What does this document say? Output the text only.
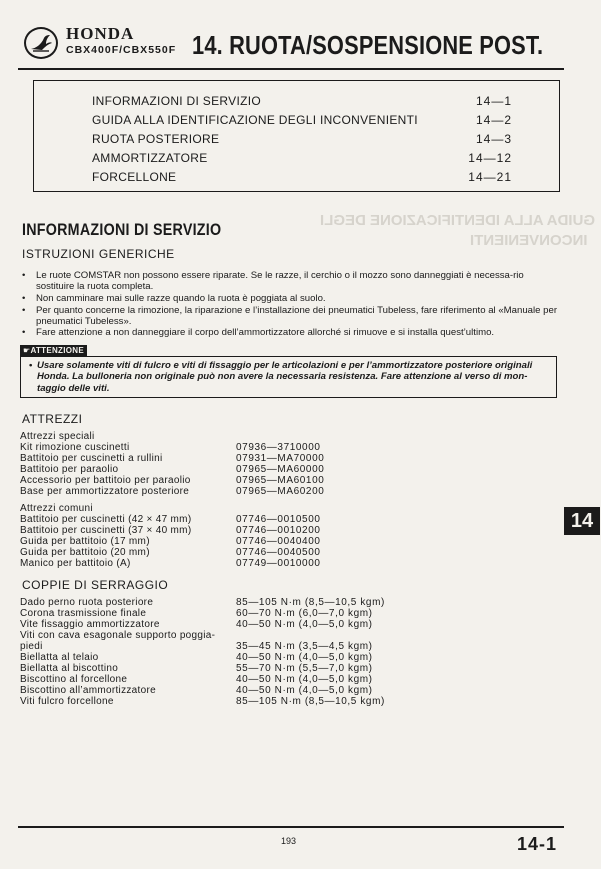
GUIDA ALLA IDENTIFICAZIONE DEGLI
INCONVENIENTI
HONDA
CBX400F/CBX550F 14. RUOTA/SOSPENSIONE POST.
INFORMAZIONI DI SERVIZIO	14—1
GUIDA ALLA IDENTIFICAZIONE DEGLI INCONVENIENTI	14—2
RUOTA POSTERIORE	14—3
AMMORTIZZATORE	14—12
FORCELLONE	14—21
INFORMAZIONI DI SERVIZIO
ISTRUZIONI GENERICHE
• Le ruote COMSTAR non possono essere riparate. Se le razze, il cerchio o il mozzo sono danneggiati è necessa-rio sostituire la ruota completa.
• Non camminare mai sulle razze quando la ruota è poggiata al suolo.
• Per quanto concerne la rimozione, la riparazione e l’installazione dei pneumatici Tubeless, fare riferimento al «Manuale per pneumatici Tubeless».
• Fare attenzione a non danneggiare il corpo dell’ammortizzatore allorché si rimuove e si installa quest’ultimo.
☛ATTENZIONE
• Usare solamente viti di fulcro e viti di fissaggio per le articolazioni e per l’ammortizzatore posteriore originali Honda. La bulloneria non originale può non avere la necessaria resistenza. Fare attenzione al verso di mon-taggio delle viti.
ATTREZZI
Attrezzi speciali
Kit rimozione cuscinetti	07936—3710000
Battitoio per cuscinetti a rullini	07931—MA70000
Battitoio per paraolio	07965—MA60000
Accessorio per battitoio per paraolio	07965—MA60100
Base per ammortizzatore posteriore	07965—MA60200
Attrezzi comuni
Battitoio per cuscinetti (42 × 47 mm)	07746—0010500
Battitoio per cuscinetti (37 × 40 mm)	07746—0010200
Guida per battitoio (17 mm)	07746—0040400
Guida per battitoio (20 mm)	07746—0040500
Manico per battitoio (A)	07749—0010000
COPPIE DI SERRAGGIO
Dado perno ruota posteriore	85—105 N·m (8,5—10,5 kgm)
Corona trasmissione finale	60—70 N·m (6,0—7,0 kgm)
Vite fissaggio ammortizzatore	40—50 N·m (4,0—5,0 kgm)
Viti con cava esagonale supporto poggia-
piedi	35—45 N·m (3,5—4,5 kgm)
Biellatta al telaio	40—50 N·m (4,0—5,0 kgm)
Biellatta al biscottino	55—70 N·m (5,5—7,0 kgm)
Biscottino al forcellone	40—50 N·m (4,0—5,0 kgm)
Biscottino all’ammortizzatore	40—50 N·m (4,0—5,0 kgm)
Viti fulcro forcellone	85—105 N·m (8,5—10,5 kgm)
14
193	14-1
